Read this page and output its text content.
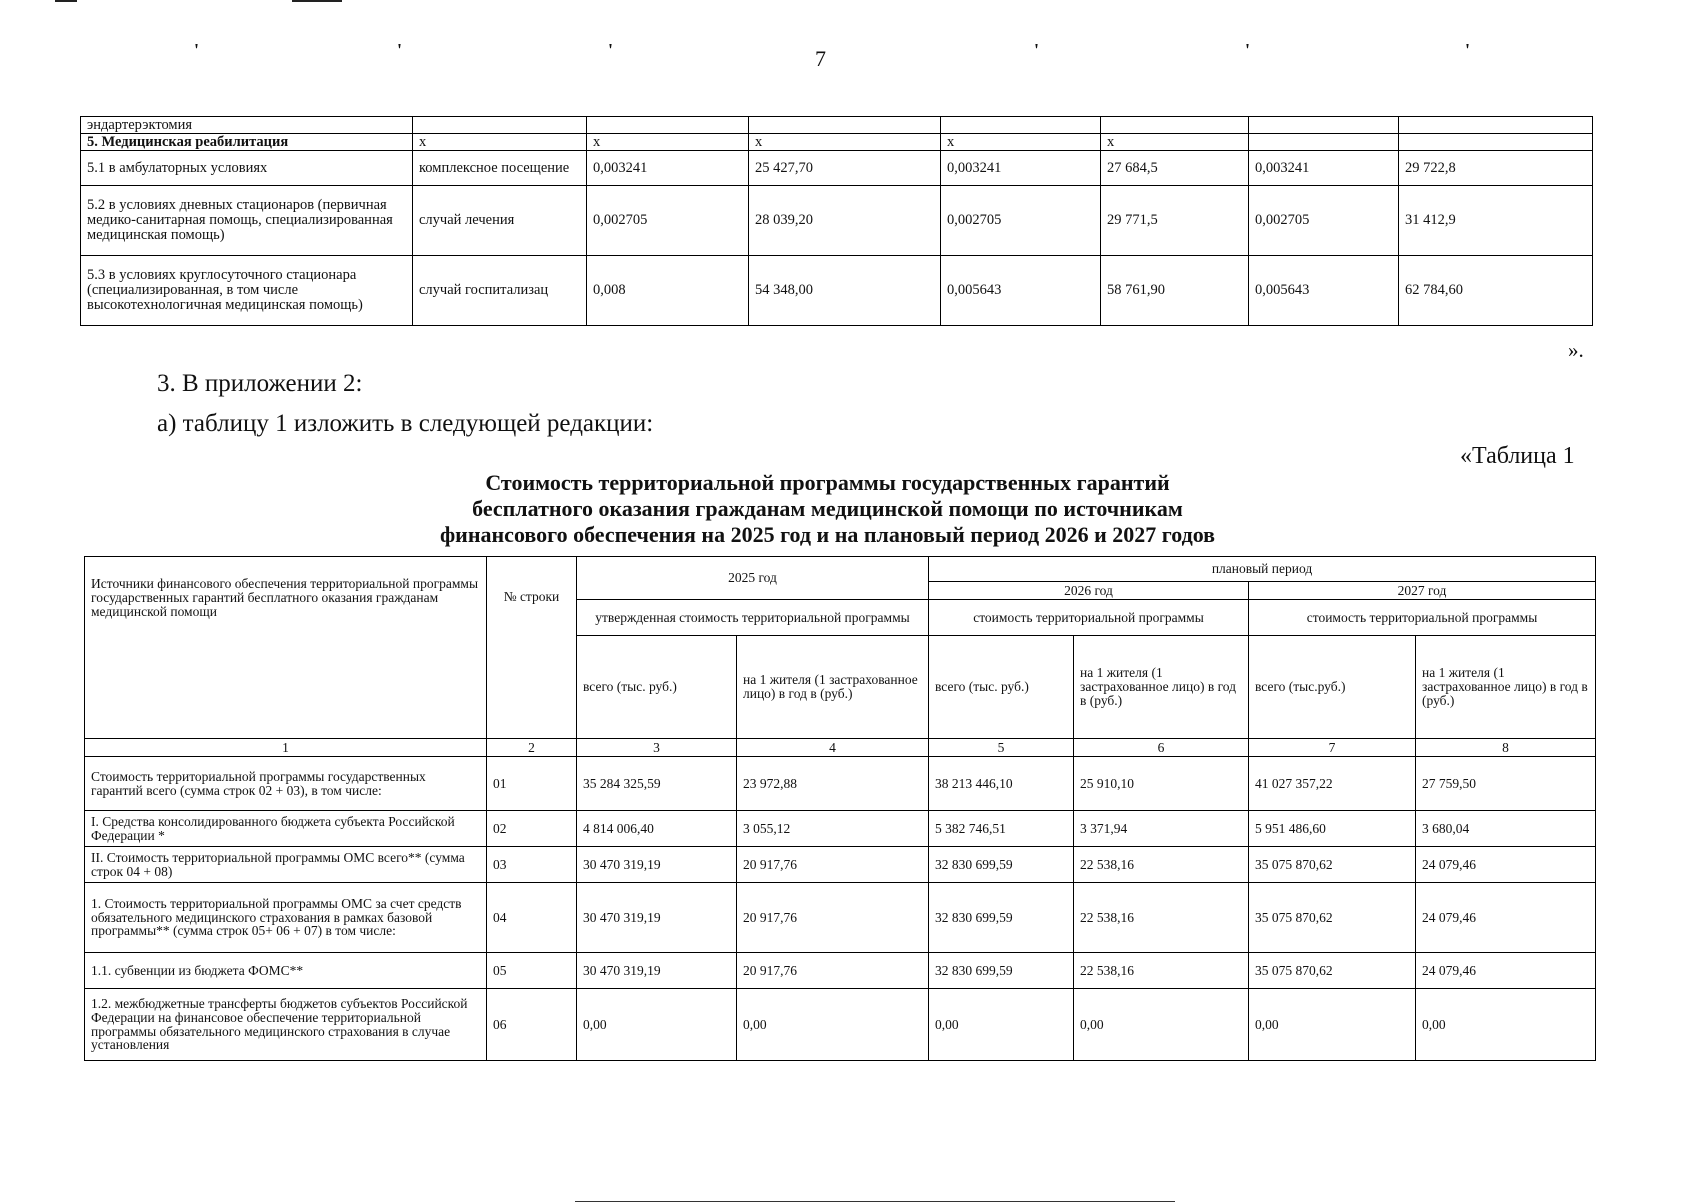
'	'	'	'	'	'
7
эндартерэктомия							
5. Медицинская реабилитация	х	х	х	х	х		
5.1 в амбулаторных условиях	комплексное посещение	0,003241	25 427,70	0,003241	27 684,5	0,003241	29 722,8
5.2 в условиях дневных стационаров (первичная медико-санитарная помощь, специализированная медицинская помощь)	случай лечения	0,002705	28 039,20	0,002705	29 771,5	0,002705	31 412,9
5.3 в условиях круглосуточного стационара (специализированная, в том числе высокотехнологичная медицинская помощь)	случай госпитализац	0,008	54 348,00	0,005643	58 761,90	0,005643	62 784,60
».
3. В приложении 2:
а) таблицу 1 изложить в следующей редакции:
«Таблица 1
Стоимость территориальной программы государственных гарантий
бесплатного оказания гражданам медицинской помощи по источникам
финансового обеспечения на 2025 год и на плановый период 2026 и 2027 годов
Источники финансового обеспечения территориальной программы государственных гарантий бесплатного оказания гражданам медицинской помощи	№ строки	2025 год		плановый период			
				2026 год		2027 год	
		утвержденная стоимость территориальной программы		стоимость территориальной программы		стоимость территориальной программы	
		всего (тыс. руб.)	на 1 жителя (1 застрахованное лицо) в год в (руб.)	всего (тыс. руб.)	на 1 жителя (1 застрахованное лицо) в год в (руб.)	всего (тыс.руб.)	на 1 жителя (1 застрахованное лицо) в год в (руб.)
1	2	3	4	5	6	7	8
Стоимость территориальной программы государственных гарантий всего (сумма строк 02 + 03), в том числе:	01	35 284 325,59	23 972,88	38 213 446,10	25 910,10	41 027 357,22	27 759,50
I. Средства консолидированного бюджета субъекта Российской Федерации *	02	4 814 006,40	3 055,12	5 382 746,51	3 371,94	5 951 486,60	3 680,04
II. Стоимость территориальной программы ОМС всего** (сумма строк 04 + 08)	03	30 470 319,19	20 917,76	32 830 699,59	22 538,16	35 075 870,62	24 079,46
1. Стоимость территориальной программы ОМС за счет средств обязательного медицинского страхования в рамках базовой программы** (сумма строк 05+ 06 + 07) в том числе:	04	30 470 319,19	20 917,76	32 830 699,59	22 538,16	35 075 870,62	24 079,46
1.1. субвенции из бюджета ФОМС**	05	30 470 319,19	20 917,76	32 830 699,59	22 538,16	35 075 870,62	24 079,46
1.2. межбюджетные трансферты бюджетов субъектов Российской Федерации на финансовое обеспечение территориальной программы обязательного медицинского страхования в случае установления	06	0,00	0,00	0,00	0,00	0,00	0,00
